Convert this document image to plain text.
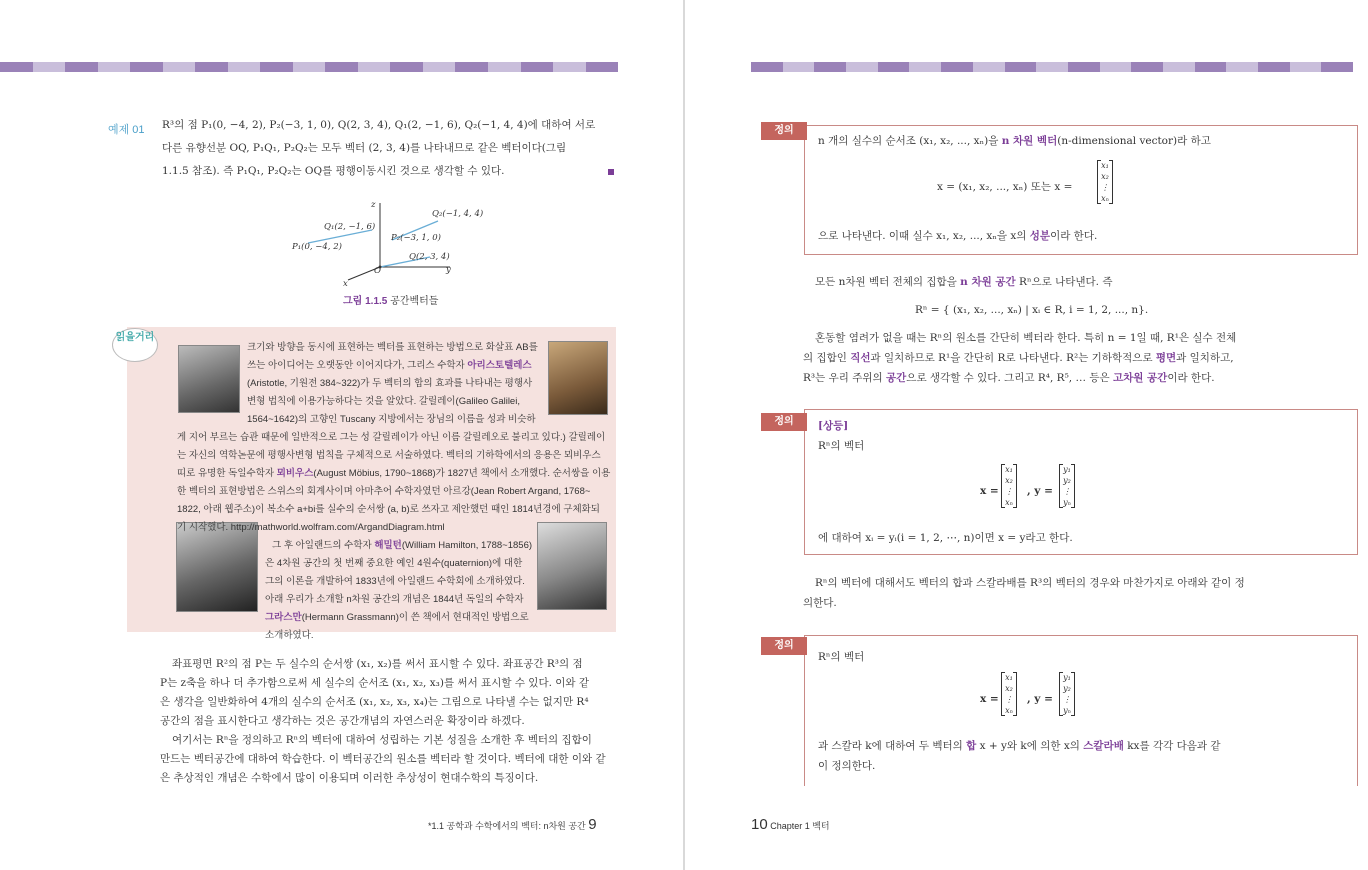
예제 01 R³의 점 P₁(0, −4, 2), P₂(−3, 1, 0), Q(2, 3, 4), Q₁(2, −1, 6), Q₂(−1, 4, 4)에 대하여 서로
다른 유향선분 OQ, P₁Q₁, P₂Q₂는 모두 벡터 (2, 3, 4)를 나타내므로 같은 벡터이다(그림
1.1.5 참조). 즉 P₁Q₁, P₂Q₂는 OQ를 평행이동시킨 것으로 생각할 수 있다.
z
y
x
O
Q₁(2, −1, 6)
Q₂(−1, 4, 4)
P₁(0, −4, 2)
P₂(−3, 1, 0)
Q(2, 3, 4)
그림 1.1.5 공간벡터들
읽을거리
크기와 방향을 동시에 표현하는 벡터를 표현하는 방법으로 화살표 AB를
쓰는 아이디어는 오랫동안 이어지다가, 그리스 수학자 아리스토텔레스
(Aristotle, 기원전 384~322)가 두 벡터의 합의 효과를 나타내는 평행사
변형 법칙에 이용가능하다는 것을 알았다. 갈릴레이(Galileo Galilei,
1564~1642)의 고향인 Tuscany 지방에서는 장님의 이름을 성과 비슷하
게 지어 부르는 습관 때문에 일반적으로 그는 성 갈릴레이가 아닌 이름 갈릴레오로 불리고 있다.) 갈릴레이
는 자신의 역학논문에 평행사변형 법칙을 구체적으로 서술하였다. 벡터의 기하학에서의 응용은 뫼비우스
띠로 유명한 독일수학자 뫼비우스(August Möbius, 1790~1868)가 1827년 책에서 소개했다. 순서쌍을 이용
한 벡터의 표현방법은 스위스의 회계사이며 아마추어 수학자였던 아르강(Jean Robert Argand, 1768~
1822, 아래 웹주소)이 복소수 a+bi를 실수의 순서쌍 (a, b)로 쓰자고 제안했던 때인 1814년경에 구체화되
기 시작했다. http://mathworld.wolfram.com/ArgandDiagram.html
그 후 아일랜드의 수학자 해밀턴(William Hamilton, 1788~1856)
은 4차원 공간의 첫 번째 중요한 예인 4원수(quaternion)에 대한
그의 이론을 개발하여 1833년에 아일랜드 수학회에 소개하였다.
아래 우리가 소개할 n차원 공간의 개념은 1844년 독일의 수학자
그라스만(Hermann Grassmann)이 쓴 책에서 현대적인 방법으로
소개하였다.
좌표평면 R²의 점 P는 두 실수의 순서쌍 (x₁, x₂)를 써서 표시할 수 있다. 좌표공간 R³의 점
P는 z축을 하나 더 추가함으로써 세 실수의 순서조 (x₁, x₂, x₃)를 써서 표시할 수 있다. 이와 같
은 생각을 일반화하여 4개의 실수의 순서조 (x₁, x₂, x₃, x₄)는 그림으로 나타낼 수는 없지만 R⁴
공간의 점을 표시한다고 생각하는 것은 공간개념의 자연스러운 확장이라 하겠다.
여기서는 Rⁿ을 정의하고 Rⁿ의 벡터에 대하여 성립하는 기본 성질을 소개한 후 벡터의 집합이
만드는 벡터공간에 대하여 학습한다. 이 벡터공간의 원소를 벡터라 할 것이다. 벡터에 대한 이와 같
은 추상적인 개념은 수학에서 많이 이용되며 이러한 추상성이 현대수학의 특징이다.
*1.1 공학과 수학에서의 벡터: n차원 공간 9
정의
n 개의 실수의 순서조 (x₁, x₂, ..., xₙ)을 n 차원 벡터(n-dimensional vector)라 하고
x = (x₁, x₂, ..., xₙ) 또는 x =
x₁
x₂
⋮
xₙ
으로 나타낸다. 이때 실수 x₁, x₂, ..., xₙ을 x의 성분이라 한다.
모든 n차원 벡터 전체의 집합을 n 차원 공간 Rⁿ으로 나타낸다. 즉
Rⁿ = { (x₁, x₂, ..., xₙ) | xᵢ ∈ R, i = 1, 2, ..., n}.
혼동할 염려가 없을 때는 Rⁿ의 원소를 간단히 벡터라 한다. 특히 n = 1일 때, R¹은 실수 전체
의 집합인 직선과 일치하므로 R¹을 간단히 R로 나타낸다. R²는 기하학적으로 평면과 일치하고,
R³는 우리 주위의 공간으로 생각할 수 있다. 그리고 R⁴, R⁵, … 등은 고차원 공간이라 한다.
정의	[상등]
Rⁿ의 벡터
x =
x₁
x₂
⋮
xₙ
, y =
y₁
y₂
⋮
yₙ
에 대하여 xᵢ = yᵢ(i = 1, 2, ⋯, n)이면 x = y라고 한다.
Rⁿ의 벡터에 대해서도 벡터의 합과 스칼라배를 R³의 벡터의 경우와 마찬가지로 아래와 같이 정
의한다.
정의
Rⁿ의 벡터
x =
x₁
x₂
⋮
xₙ
, y =
y₁
y₂
⋮
yₙ
과 스칼라 k에 대하여 두 벡터의 합 x + y와 k에 의한 x의 스칼라배 kx를 각각 다음과 같
이 정의한다.
10 Chapter 1 벡터
